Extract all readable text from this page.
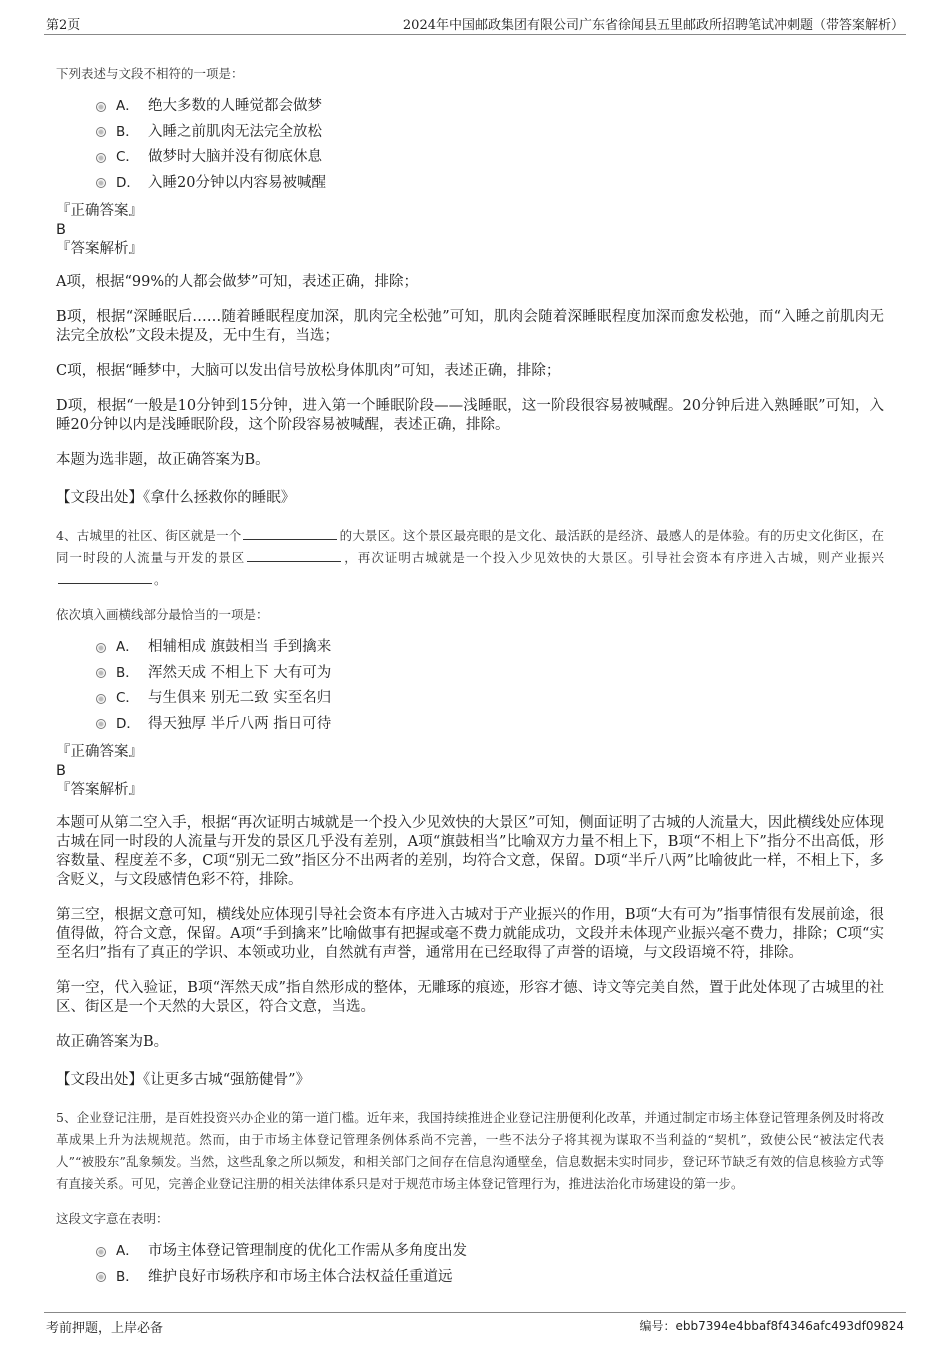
第2页	2024年中国邮政集团有限公司广东省徐闻县五里邮政所招聘笔试冲刺题（带答案解析）
下列表述与文段不相符的一项是：
A． 绝大多数的人睡觉都会做梦
B． 入睡之前肌肉无法完全放松
C． 做梦时大脑并没有彻底休息
D． 入睡20分钟以内容易被喊醒
『正确答案』
B
『答案解析』
A项，根据“99%的人都会做梦”可知，表述正确，排除；
B项，根据“深睡眠后……随着睡眠程度加深，肌肉完全松弛”可知，肌肉会随着深睡眠程度加深而愈发松弛，而“入睡之前肌肉无法完全放松”文段未提及，无中生有，当选；
C项，根据“睡梦中，大脑可以发出信号放松身体肌肉”可知，表述正确，排除；
D项，根据“一般是10分钟到15分钟，进入第一个睡眠阶段——浅睡眠，这一阶段很容易被喊醒。20分钟后进入熟睡眠”可知，入睡20分钟以内是浅睡眠阶段，这个阶段容易被喊醒，表述正确，排除。
本题为选非题，故正确答案为B。
【文段出处】《拿什么拯救你的睡眠》
4、古城里的社区、街区就是一个	的大景区。这个景区最亮眼的是文化、最活跃的是经济、最感人的是体验。有的历史文化街区，在同一时段的人流量与开发的景区	，再次证明古城就是一个投入少见效快的大景区。引导社会资本有序进入古城，则产业振兴。
依次填入画横线部分最恰当的一项是：
A． 相辅相成 旗鼓相当 手到擒来
B． 浑然天成 不相上下 大有可为
C． 与生俱来 别无二致 实至名归
D． 得天独厚 半斤八两 指日可待
『正确答案』
B
『答案解析』
本题可从第二空入手，根据“再次证明古城就是一个投入少见效快的大景区”可知，侧面证明了古城的人流量大，因此横线处应体现古城在同一时段的人流量与开发的景区几乎没有差别，A项“旗鼓相当”比喻双方力量不相上下，B项“不相上下”指分不出高低，形容数量、程度差不多，C项“别无二致”指区分不出两者的差别，均符合文意，保留。D项“半斤八两”比喻彼此一样，不相上下，多含贬义，与文段感情色彩不符，排除。
第三空，根据文意可知，横线处应体现引导社会资本有序进入古城对于产业振兴的作用，B项“大有可为”指事情很有发展前途，很值得做，符合文意，保留。A项“手到擒来”比喻做事有把握或毫不费力就能成功，文段并未体现产业振兴毫不费力，排除；C项“实至名归”指有了真正的学识、本领或功业，自然就有声誉，通常用在已经取得了声誉的语境，与文段语境不符，排除。
第一空，代入验证，B项“浑然天成”指自然形成的整体，无雕琢的痕迹，形容才德、诗文等完美自然，置于此处体现了古城里的社区、街区是一个天然的大景区，符合文意，当选。
故正确答案为B。
【文段出处】《让更多古城“强筋健骨”》
5、企业登记注册，是百姓投资兴办企业的第一道门槛。近年来，我国持续推进企业登记注册便利化改革，并通过制定市场主体登记管理条例及时将改革成果上升为法规规范。然而，由于市场主体登记管理条例体系尚不完善，一些不法分子将其视为谋取不当利益的“契机”，致使公民“被法定代表人”“被股东”乱象频发。当然，这些乱象之所以频发，和相关部门之间存在信息沟通壁垒，信息数据未实时同步，登记环节缺乏有效的信息核验方式等有直接关系。可见，完善企业登记注册的相关法律体系只是对于规范市场主体登记管理行为，推进法治化市场建设的第一步。
这段文字意在表明：
A． 市场主体登记管理制度的优化工作需从多角度出发
B． 维护良好市场秩序和市场主体合法权益任重道远
考前押题，上岸必备	编号：ebb7394e4bbaf8f4346afc493df09824
